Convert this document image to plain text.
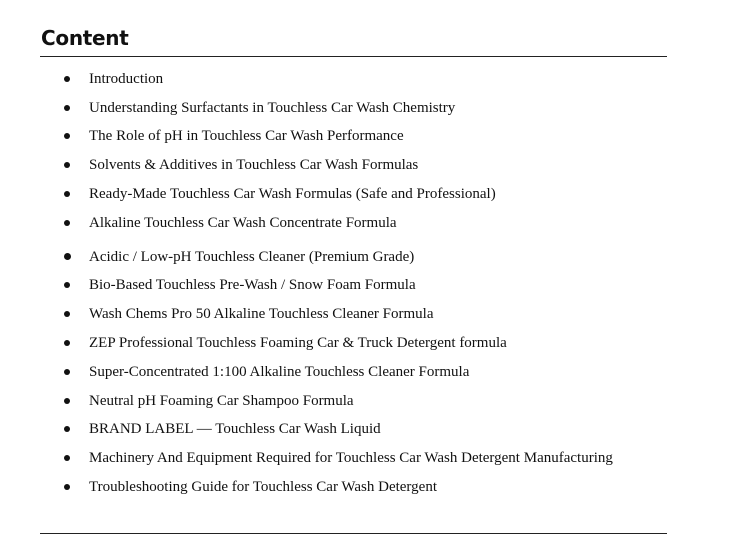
Content
Introduction
Understanding Surfactants in Touchless Car Wash Chemistry
The Role of pH in Touchless Car Wash Performance
Solvents & Additives in Touchless Car Wash Formulas
Ready-Made Touchless Car Wash Formulas (Safe and Professional)
Alkaline Touchless Car Wash Concentrate Formula
Acidic / Low-pH Touchless Cleaner (Premium Grade)
Bio-Based Touchless Pre-Wash / Snow Foam Formula
Wash Chems Pro 50 Alkaline Touchless Cleaner Formula
ZEP Professional Touchless Foaming Car & Truck Detergent formula
Super-Concentrated 1:100 Alkaline Touchless Cleaner Formula
Neutral pH Foaming Car Shampoo Formula
BRAND LABEL — Touchless Car Wash Liquid
Machinery And Equipment Required for Touchless Car Wash Detergent Manufacturing
Troubleshooting Guide for Touchless Car Wash Detergent
